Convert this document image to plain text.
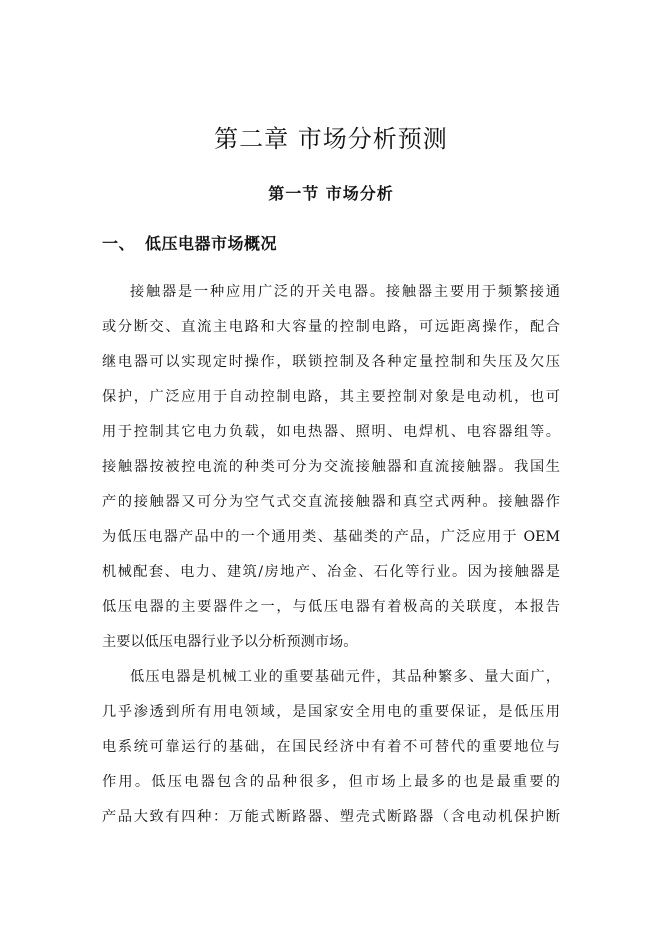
第二章 市场分析预测
第一节 市场分析
一、 低压电器市场概况
接触器是一种应用广泛的开关电器。接触器主要用于频繁接通
或分断交、直流主电路和大容量的控制电路，可远距离操作，配合
继电器可以实现定时操作，联锁控制及各种定量控制和失压及欠压
保护，广泛应用于自动控制电路，其主要控制对象是电动机，也可
用于控制其它电力负载，如电热器、照明、电焊机、电容器组等。
接触器按被控电流的种类可分为交流接触器和直流接触器。我国生
产的接触器又可分为空气式交直流接触器和真空式两种。接触器作
为低压电器产品中的一个通用类、基础类的产品，广泛应用于 OEM
机械配套、电力、建筑/房地产、冶金、石化等行业。因为接触器是
低压电器的主要器件之一，与低压电器有着极高的关联度，本报告
主要以低压电器行业予以分析预测市场。
低压电器是机械工业的重要基础元件，其品种繁多、量大面广，
几乎渗透到所有用电领域，是国家安全用电的重要保证，是低压用
电系统可靠运行的基础，在国民经济中有着不可替代的重要地位与
作用。低压电器包含的品种很多，但市场上最多的也是最重要的
产品大致有四种：万能式断路器、塑壳式断路器（含电动机保护断
